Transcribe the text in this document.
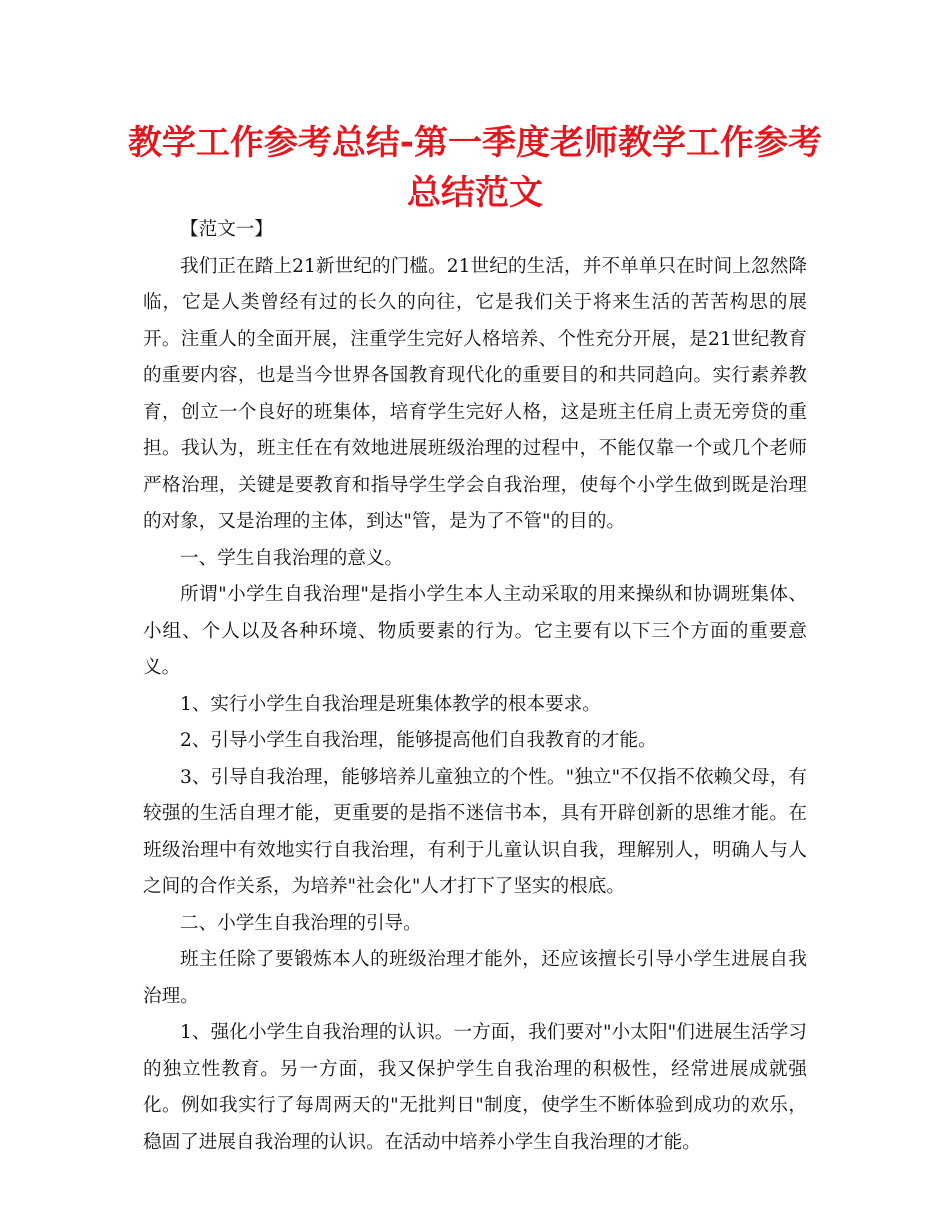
教学工作参考总结-第一季度老师教学工作参考总结范文

【范文一】

我们正在踏上21新世纪的门槛。21世纪的生活，并不单单只在时间上忽然降临，它是人类曾经有过的长久的向往，它是我们关于将来生活的苦苦构思的展开。注重人的全面开展，注重学生完好人格培养、个性充分开展，是21世纪教育的重要内容，也是当今世界各国教育现代化的重要目的和共同趋向。实行素养教育，创立一个良好的班集体，培育学生完好人格，这是班主任肩上责无旁贷的重担。我认为，班主任在有效地进展班级治理的过程中，不能仅靠一个或几个老师严格治理，关键是要教育和指导学生学会自我治理，使每个小学生做到既是治理的对象，又是治理的主体，到达"管，是为了不管"的目的。

一、学生自我治理的意义。

所谓"小学生自我治理"是指小学生本人主动采取的用来操纵和协调班集体、小组、个人以及各种环境、物质要素的行为。它主要有以下三个方面的重要意义。

1、实行小学生自我治理是班集体教学的根本要求。

2、引导小学生自我治理，能够提高他们自我教育的才能。

3、引导自我治理，能够培养儿童独立的个性。"独立"不仅指不依赖父母，有较强的生活自理才能，更重要的是指不迷信书本，具有开辟创新的思维才能。在班级治理中有效地实行自我治理，有利于儿童认识自我，理解别人，明确人与人之间的合作关系，为培养"社会化"人才打下了坚实的根底。

二、小学生自我治理的引导。

班主任除了要锻炼本人的班级治理才能外，还应该擅长引导小学生进展自我治理。

1、强化小学生自我治理的认识。一方面，我们要对"小太阳"们进展生活学习的独立性教育。另一方面，我又保护学生自我治理的积极性，经常进展成就强化。例如我实行了每周两天的"无批判日"制度，使学生不断体验到成功的欢乐，稳固了进展自我治理的认识。在活动中培养小学生自我治理的才能。
